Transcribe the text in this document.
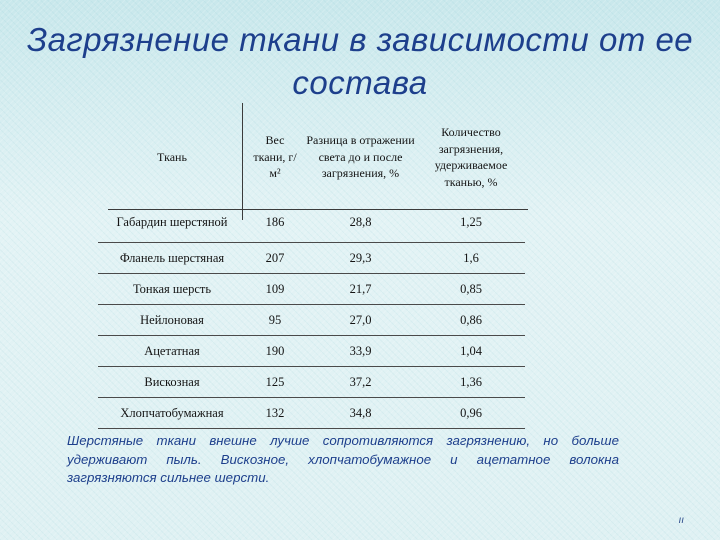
Загрязнение ткани в зависимости от ее состава
Ткань	Вес ткани, г/м²	Разница в отражении света до и после загрязнения, %	Количество загрязнения, удерживаемое тканью, %
Габардин шерстяной	186	28,8	1,25
Фланель шерстяная	207	29,3	1,6
Тонкая шерсть	109	21,7	0,85
Нейлоновая	95	27,0	0,86
Ацетатная	190	33,9	1,04
Вискозная	125	37,2	1,36
Хлопчатобумажная	132	34,8	0,96
Шерстяные ткани внешне лучше сопротивляются загрязнению, но больше удерживают пыль. Вискозное, хлопчатобумажное и ацетатное волокна загрязняются сильнее шерсти.
ıı
